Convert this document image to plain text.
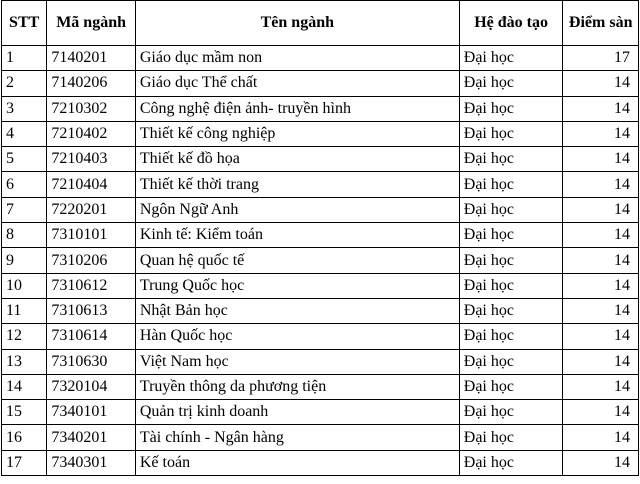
STT	Mã ngành	Tên ngành	Hệ đào tạo	Điểm sàn
1	7140201	Giáo dục mầm non	Đại học	17
2	7140206	Giáo dục Thể chất	Đại học	14
3	7210302	Công nghệ điện ảnh- truyền hình	Đại học	14
4	7210402	Thiết kế công nghiệp	Đại học	14
5	7210403	Thiết kế đồ họa	Đại học	14
6	7210404	Thiết kế thời trang	Đại học	14
7	7220201	Ngôn Ngữ Anh	Đại học	14
8	7310101	Kinh tế: Kiểm toán	Đại học	14
9	7310206	Quan hệ quốc tế	Đại học	14
10	7310612	Trung Quốc học	Đại học	14
11	7310613	Nhật Bản học	Đại học	14
12	7310614	Hàn Quốc học	Đại học	14
13	7310630	Việt Nam học	Đại học	14
14	7320104	Truyền thông da phương tiện	Đại học	14
15	7340101	Quản trị kinh doanh	Đại học	14
16	7340201	Tài chính - Ngân hàng	Đại học	14
17	7340301	Kế toán	Đại học	14
